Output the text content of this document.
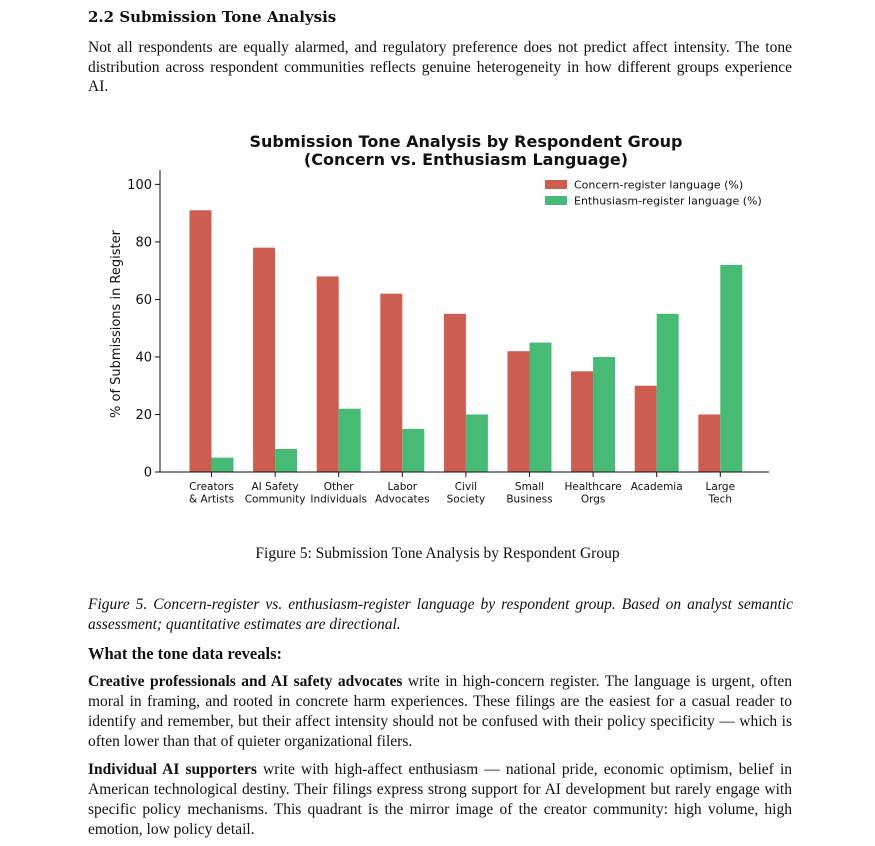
2.2 Submission Tone Analysis
Not all respondents are equally alarmed, and regulatory preference does not predict affect intensity. The tone distribution across respondent communities reflects genuine heterogeneity in how different groups experience AI.
Submission Tone Analysis by Respondent Group
(Concern vs. Enthusiasm Language)
% of Submissions in Register
0
20
40
60
80
100
Creators
& Artists
AI Safety
Community
Other
Individuals
Labor
Advocates
Civil
Society
Small
Business
Healthcare
Orgs
Academia Large
Tech
Concern-register language (%)
Enthusiasm-register language (%)
Figure 5: Submission Tone Analysis by Respondent Group
Figure 5. Concern-register vs. enthusiasm-register language by respondent group. Based on analyst semantic assessment; quantitative estimates are directional.
What the tone data reveals:
Creative professionals and AI safety advocates write in high-concern register. The language is urgent, often moral in framing, and rooted in concrete harm experiences. These filings are the easiest for a casual reader to identify and remember, but their affect intensity should not be confused with their policy specificity — which is often lower than that of quieter organizational filers.
Individual AI supporters write with high-affect enthusiasm — national pride, economic optimism, belief in American technological destiny. Their filings express strong support for AI development but rarely engage with specific policy mechanisms. This quadrant is the mirror image of the creator community: high volume, high emotion, low policy detail.
